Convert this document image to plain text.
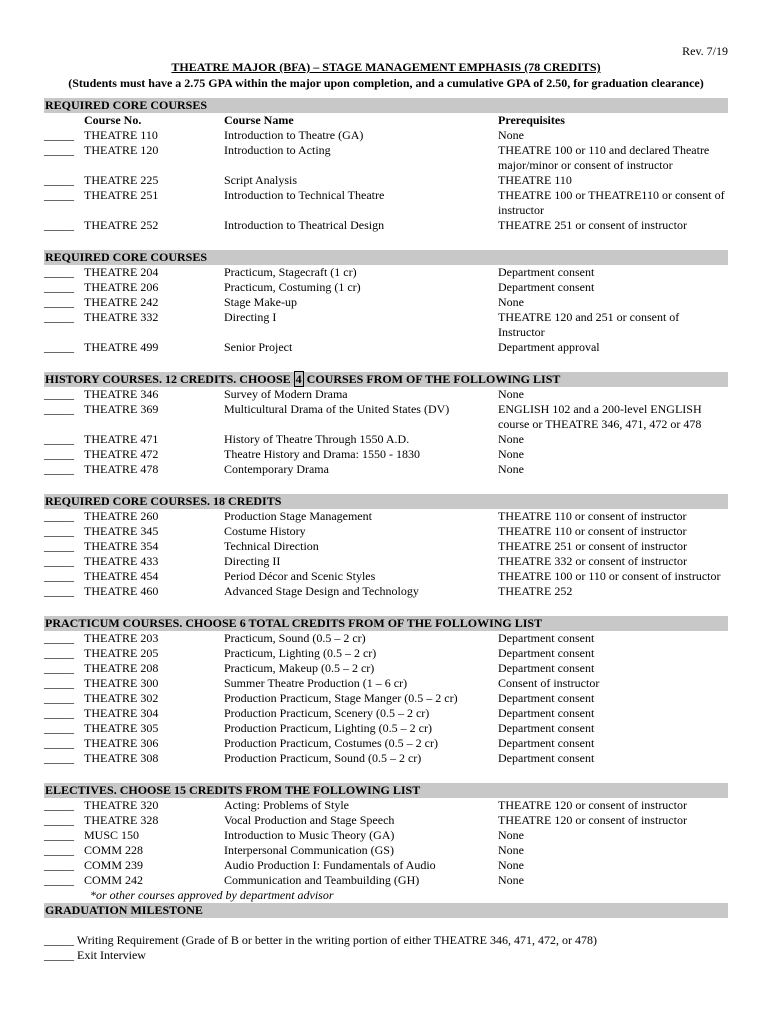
Rev. 7/19
THEATRE MAJOR (BFA) – STAGE MANAGEMENT EMPHASIS (78 CREDITS)
(Students must have a 2.75 GPA within the major upon completion, and a cumulative GPA of 2.50, for graduation clearance)
REQUIRED CORE COURSES
Course No.	Course Name	Prerequisites
_____ THEATRE 110	Introduction to Theatre (GA)	None
_____ THEATRE 120	Introduction to Acting	THEATRE 100 or 110 and declared Theatre major/minor or consent of instructor
_____ THEATRE 225	Script Analysis	THEATRE 110
_____ THEATRE 251	Introduction to Technical Theatre	THEATRE 100 or THEATRE110 or consent of instructor
_____ THEATRE 252	Introduction to Theatrical Design	THEATRE 251 or consent of instructor
REQUIRED CORE COURSES
_____ THEATRE 204	Practicum, Stagecraft (1 cr)	Department consent
_____ THEATRE 206	Practicum, Costuming (1 cr)	Department consent
_____ THEATRE 242	Stage Make-up	None
_____ THEATRE 332	Directing I	THEATRE 120 and 251 or consent of Instructor
_____ THEATRE 499	Senior Project	Department approval
HISTORY COURSES. 12 CREDITS. CHOOSE 4 COURSES FROM OF THE FOLLOWING LIST
_____ THEATRE 346	Survey of Modern Drama	None
_____ THEATRE 369	Multicultural Drama of the United States (DV)	ENGLISH 102 and a 200-level ENGLISH course or THEATRE 346, 471, 472 or 478
_____ THEATRE 471	History of Theatre Through 1550 A.D.	None
_____ THEATRE 472	Theatre History and Drama: 1550 - 1830	None
_____ THEATRE 478	Contemporary Drama	None
REQUIRED CORE COURSES. 18 CREDITS
_____ THEATRE 260	Production Stage Management	THEATRE 110 or consent of instructor
_____ THEATRE 345	Costume History	THEATRE 110 or consent of instructor
_____ THEATRE 354	Technical Direction	THEATRE 251 or consent of instructor
_____ THEATRE 433	Directing II	THEATRE 332 or consent of instructor
_____ THEATRE 454	Period Décor and Scenic Styles	THEATRE 100 or 110 or consent of instructor
_____ THEATRE 460	Advanced Stage Design and Technology	THEATRE 252
PRACTICUM COURSES. CHOOSE 6 TOTAL CREDITS FROM OF THE FOLLOWING LIST
_____ THEATRE 203	Practicum, Sound (0.5 – 2 cr)	Department consent
_____ THEATRE 205	Practicum, Lighting (0.5 – 2 cr)	Department consent
_____ THEATRE 208	Practicum, Makeup (0.5 – 2 cr)	Department consent
_____ THEATRE 300	Summer Theatre Production (1 – 6 cr)	Consent of instructor
_____ THEATRE 302	Production Practicum, Stage Manger (0.5 – 2 cr)	Department consent
_____ THEATRE 304	Production Practicum, Scenery (0.5 – 2 cr)	Department consent
_____ THEATRE 305	Production Practicum, Lighting (0.5 – 2 cr)	Department consent
_____ THEATRE 306	Production Practicum, Costumes (0.5 – 2 cr)	Department consent
_____ THEATRE 308	Production Practicum, Sound (0.5 – 2 cr)	Department consent
ELECTIVES. CHOOSE 15 CREDITS FROM THE FOLLOWING LIST
_____ THEATRE 320	Acting: Problems of Style	THEATRE 120 or consent of instructor
_____ THEATRE 328	Vocal Production and Stage Speech	THEATRE 120 or consent of instructor
_____ MUSC 150	Introduction to Music Theory (GA)	None
_____ COMM 228	Interpersonal Communication (GS)	None
_____ COMM 239	Audio Production I: Fundamentals of Audio	None
_____ COMM 242	Communication and Teambuilding (GH)	None
*or other courses approved by department advisor
GRADUATION MILESTONE
_____ Writing Requirement (Grade of B or better in the writing portion of either THEATRE 346, 471, 472, or 478)
_____ Exit Interview
